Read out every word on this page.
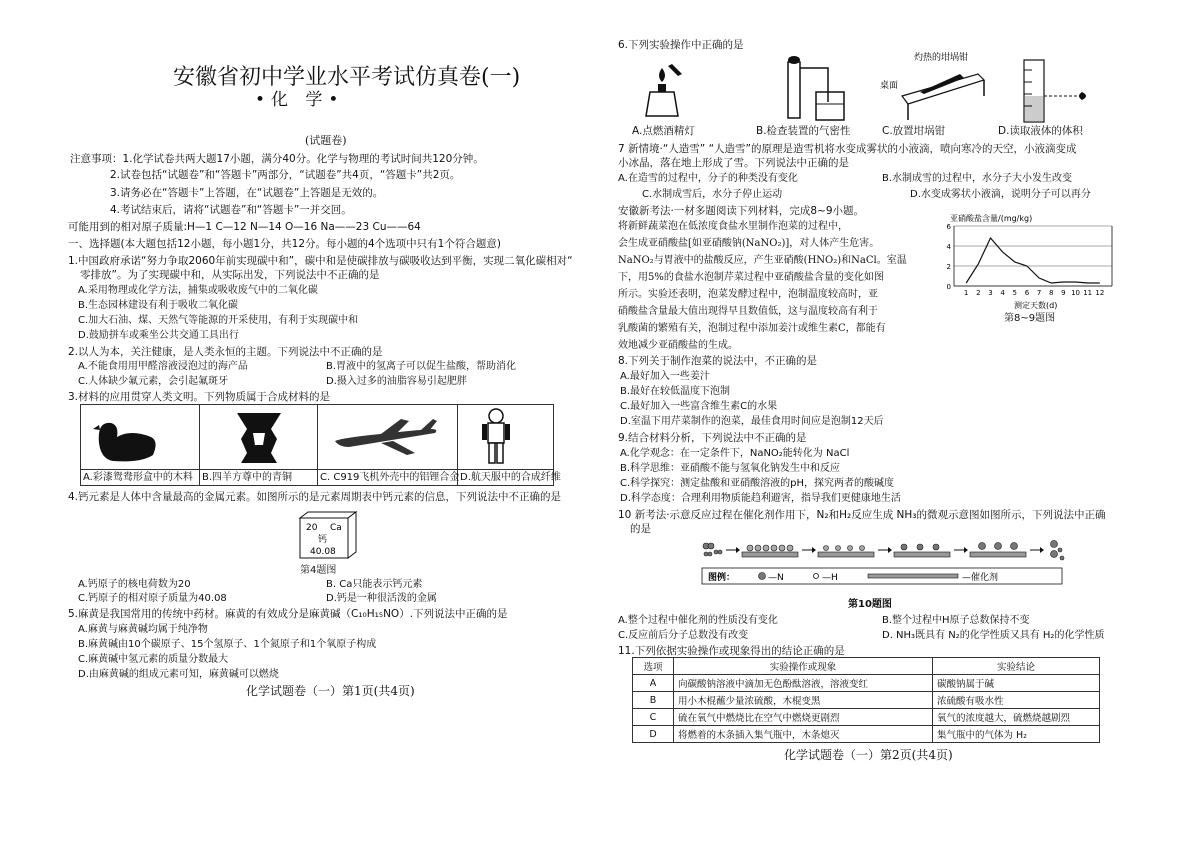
安徽省初中学业水平考试仿真卷(一)
•化 学•
(试题卷)
注意事项：1.化学试卷共两大题17小题，满分40分。化学与物理的考试时间共120分钟。
2.试卷包括“试题卷”和“答题卡”两部分，“试题卷”共4页，“答题卡”共2页。
3.请务必在“答题卡”上答题，在“试题卷”上答题是无效的。
4.考试结束后，请将“试题卷”和“答题卡”一并交回。
可能用到的相对原子质量:H—1 C—12 N—14 O—16 Na——23 Cu——64
一、选择题(本大题包括12小题，每小题1分，共12分。每小题的4个选项中只有1个符合题意)
1.中国政府承诺“努力争取2060年前实现碳中和”，碳中和是使碳排放与碳吸收达到平衡，实现二氧化碳相对“
零排放”。为了实现碳中和，从实际出发，下列说法中不正确的是
A.采用物理或化学方法，捕集或吸收废气中的二氧化碳
B.生态园林建设有利于吸收二氧化碳
C.加大石油、煤、天然气等能源的开采使用，有利于实现碳中和
D.鼓励拼车或乘坐公共交通工具出行
2.以人为本，关注健康，是人类永恒的主题。下列说法中不正确的是
A.不能食用用甲醛溶液浸泡过的海产品	B.胃液中的氢离子可以促生盐酸，帮助消化
C.人体缺少氟元素，会引起氟斑牙	D.摄入过多的油脂容易引起肥胖
3.材料的应用贯穿人类文明。下列物质属于合成材料的是
A.彩漆鸳鸯形盒中的木料 B.四羊方尊中的青铜	C. C919飞机外壳中的铝锂合金 D.航天服中的合成纤维
4.钙元素是人体中含量最高的金属元素。如图所示的是元素周期表中钙元素的信息，下列说法中不正确的是
20 Ca
钙
40.08
第4题图
A.钙原子的核电荷数为20	B. Ca只能表示钙元素
C.钙原子的相对原子质量为40.08	D.钙是一种很活泼的金属
5.麻黄是我国常用的传统中药材。麻黄的有效成分是麻黄碱（C₁₀H₁₅NO）.下列说法中正确的是
A.麻黄与麻黄碱均属于纯净物
B.麻黄碱由10个碳原子、15个氢原子、1个氮原子和1个氧原子构成
C.麻黄碱中氢元素的质量分数最大
D.由麻黄碱的组成元素可知，麻黄碱可以燃烧
化学试题卷（一）第1页(共4页)
6.下列实验操作中正确的是
灼热的坩埚钳
桌面
A.点燃酒精灯	B.检查装置的气密性	C.放置坩埚钳	D.读取液体的体积
7 新情境·“人造雪” “人造雪”的原理是造雪机将水变成雾状的小液滴，喷向寒冷的天空，小液滴变成
小冰晶，落在地上形成了雪。下列说法中正确的是
A.在造雪的过程中，分子的种类没有变化	B.水制成雪的过程中，水分子大小发生改变
C.水制成雪后，水分子停止运动	D.水变成雾状小液滴，说明分子可以再分
安徽新考法·一材多题阅读下列材料，完成8~9小题。
将新鲜蔬菜泡在低浓度食盐水里制作泡菜的过程中，
会生成亚硝酸盐[如亚硝酸钠(NaNO₂)]，对人体产生危害。
NaNO₂与胃液中的盐酸反应，产生亚硝酸(HNO₂)和NaCl。室温
下，用5%的食盐水泡制芹菜过程中亚硝酸盐含量的变化如图
所示。实验还表明，泡菜发酵过程中，泡制温度较高时，亚
硝酸盐含量最大值出现得早且数值低，这与温度较高有利于
乳酸菌的繁殖有关，泡制过程中添加姜汁或维生素C，都能有
效地减少亚硝酸盐的生成。
亚硝酸盐含量/(mg/kg)
0
2
4
6
1 2 3 4 5 6 7 8 9 10 11 12
测定天数(d)
第8~9题图
8.下列关于制作泡菜的说法中，不正确的是
A.最好加入一些姜汁
B.最好在较低温度下泡制
C.最好加入一些富含维生素C的水果
D.室温下用芹菜制作的泡菜，最佳食用时间应是泡制12天后
9.结合材料分析，下列说法中不正确的是
A.化学观念：在一定条件下，NaNO₂能转化为 NaCl
B.科学思维：亚硝酸不能与氢氧化钠发生中和反应
C.科学探究：测定盐酸和亚硝酸溶液的pH，探究两者的酸碱度
D.科学态度：合理利用物质能趋利避害，指导我们更健康地生活
10 新考法·示意反应过程在催化剂作用下，N₂和H₂反应生成 NH₃的微观示意图如图所示，下列说法中正确
的是
图例：	—N	—H	—催化剂
第10题图
A.整个过程中催化剂的性质没有变化	B.整个过程中H原子总数保持不变
C.反应前后分子总数没有改变	D. NH₃既具有 N₂的化学性质又具有 H₂的化学性质
11.下列依据实验操作或现象得出的结论正确的是
选项	实验操作或现象	实验结论
A	向碳酸钠溶液中滴加无色酚酞溶液，溶液变红	碳酸钠属于碱
B	用小木棍蘸少量浓硫酸，木棍变黑	浓硫酸有吸水性
C	硫在氧气中燃烧比在空气中燃烧更剧烈	氧气的浓度越大，硫燃烧越剧烈
D	将燃着的木条插入集气瓶中，木条熄灭	集气瓶中的气体为 H₂
化学试题卷（一）第2页(共4页)
